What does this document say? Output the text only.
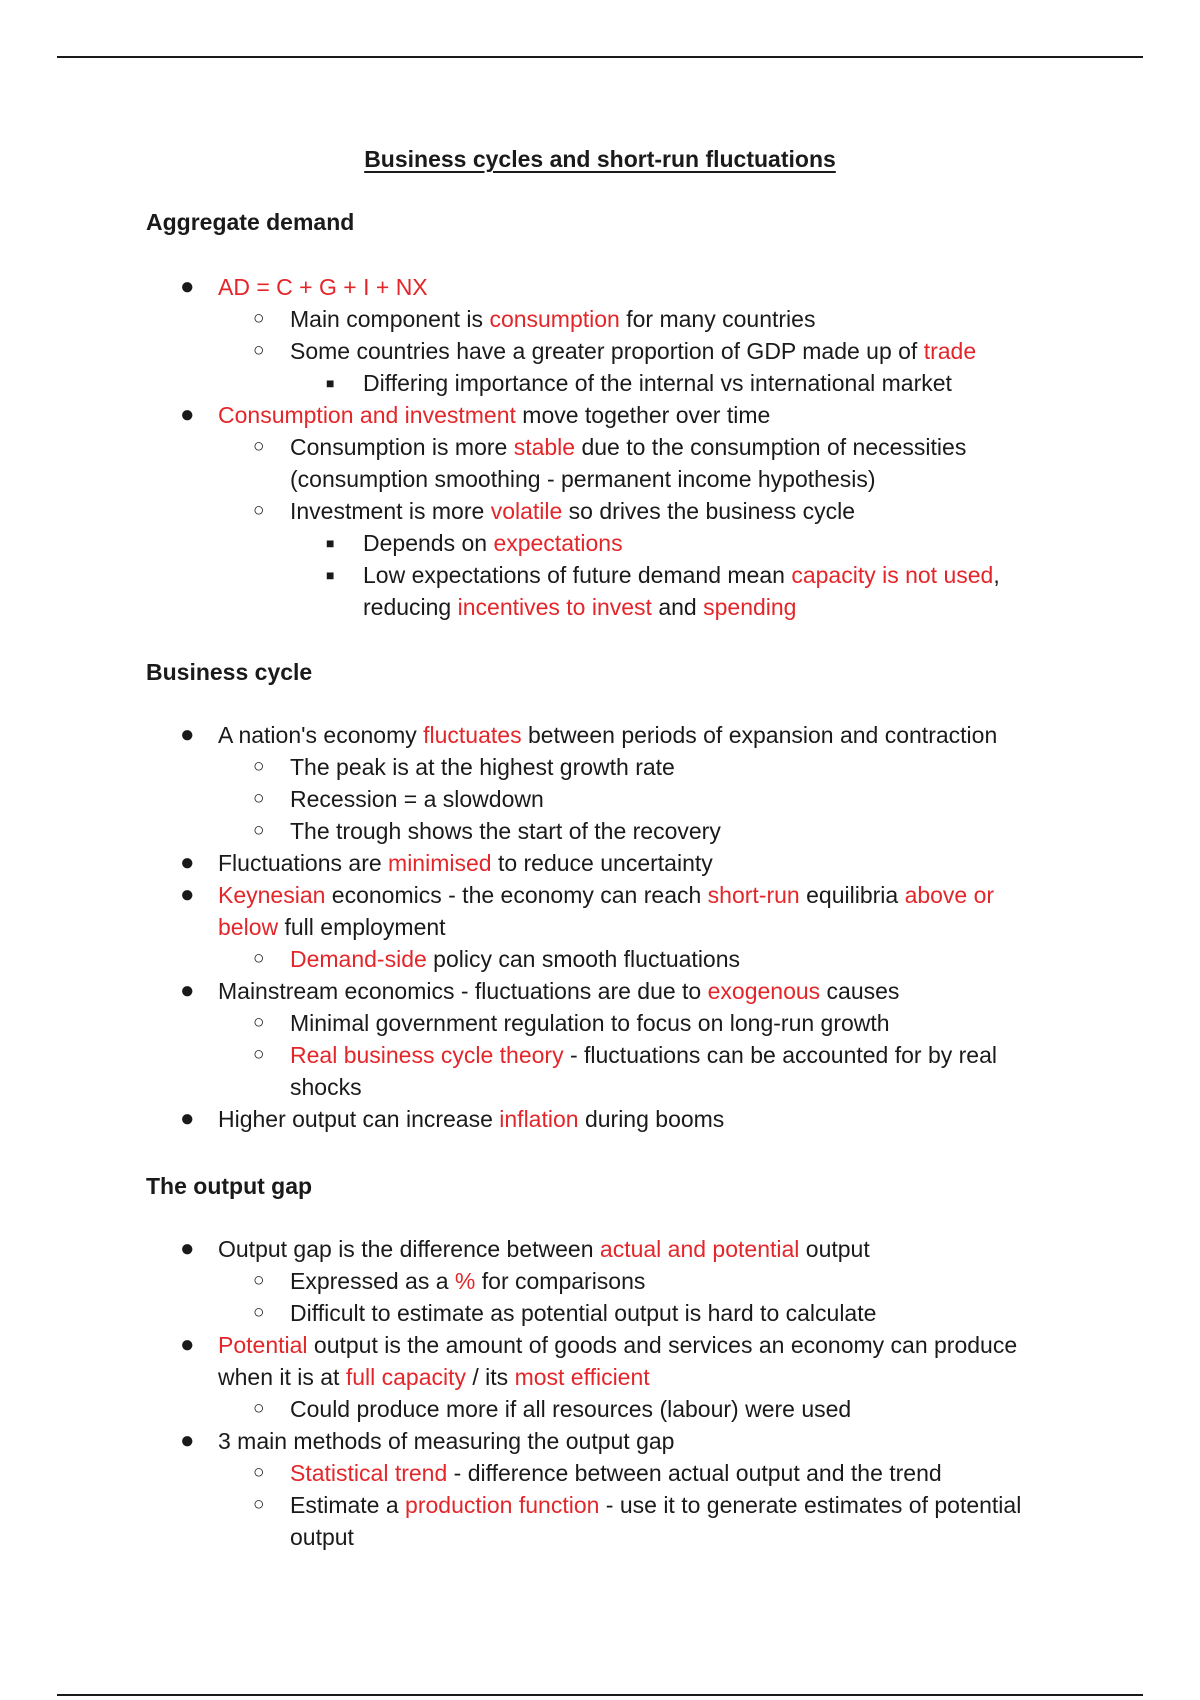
Business cycles and short-run fluctuations
Aggregate demand
● AD = C + G + I + NX
○ Main component is consumption for many countries
○ Some countries have a greater proportion of GDP made up of trade
■ Differing importance of the internal vs international market
● Consumption and investment move together over time
○ Consumption is more stable due to the consumption of necessities (consumption smoothing - permanent income hypothesis)
○ Investment is more volatile so drives the business cycle
■ Depends on expectations
■ Low expectations of future demand mean capacity is not used, reducing incentives to invest and spending
Business cycle
● A nation's economy fluctuates between periods of expansion and contraction
○ The peak is at the highest growth rate
○ Recession = a slowdown
○ The trough shows the start of the recovery
● Fluctuations are minimised to reduce uncertainty
● Keynesian economics - the economy can reach short-run equilibria above or below full employment
○ Demand-side policy can smooth fluctuations
● Mainstream economics - fluctuations are due to exogenous causes
○ Minimal government regulation to focus on long-run growth
○ Real business cycle theory - fluctuations can be accounted for by real shocks
● Higher output can increase inflation during booms
The output gap
● Output gap is the difference between actual and potential output
○ Expressed as a % for comparisons
○ Difficult to estimate as potential output is hard to calculate
● Potential output is the amount of goods and services an economy can produce when it is at full capacity / its most efficient
○ Could produce more if all resources (labour) were used
● 3 main methods of measuring the output gap
○ Statistical trend - difference between actual output and the trend
○ Estimate a production function - use it to generate estimates of potential output
